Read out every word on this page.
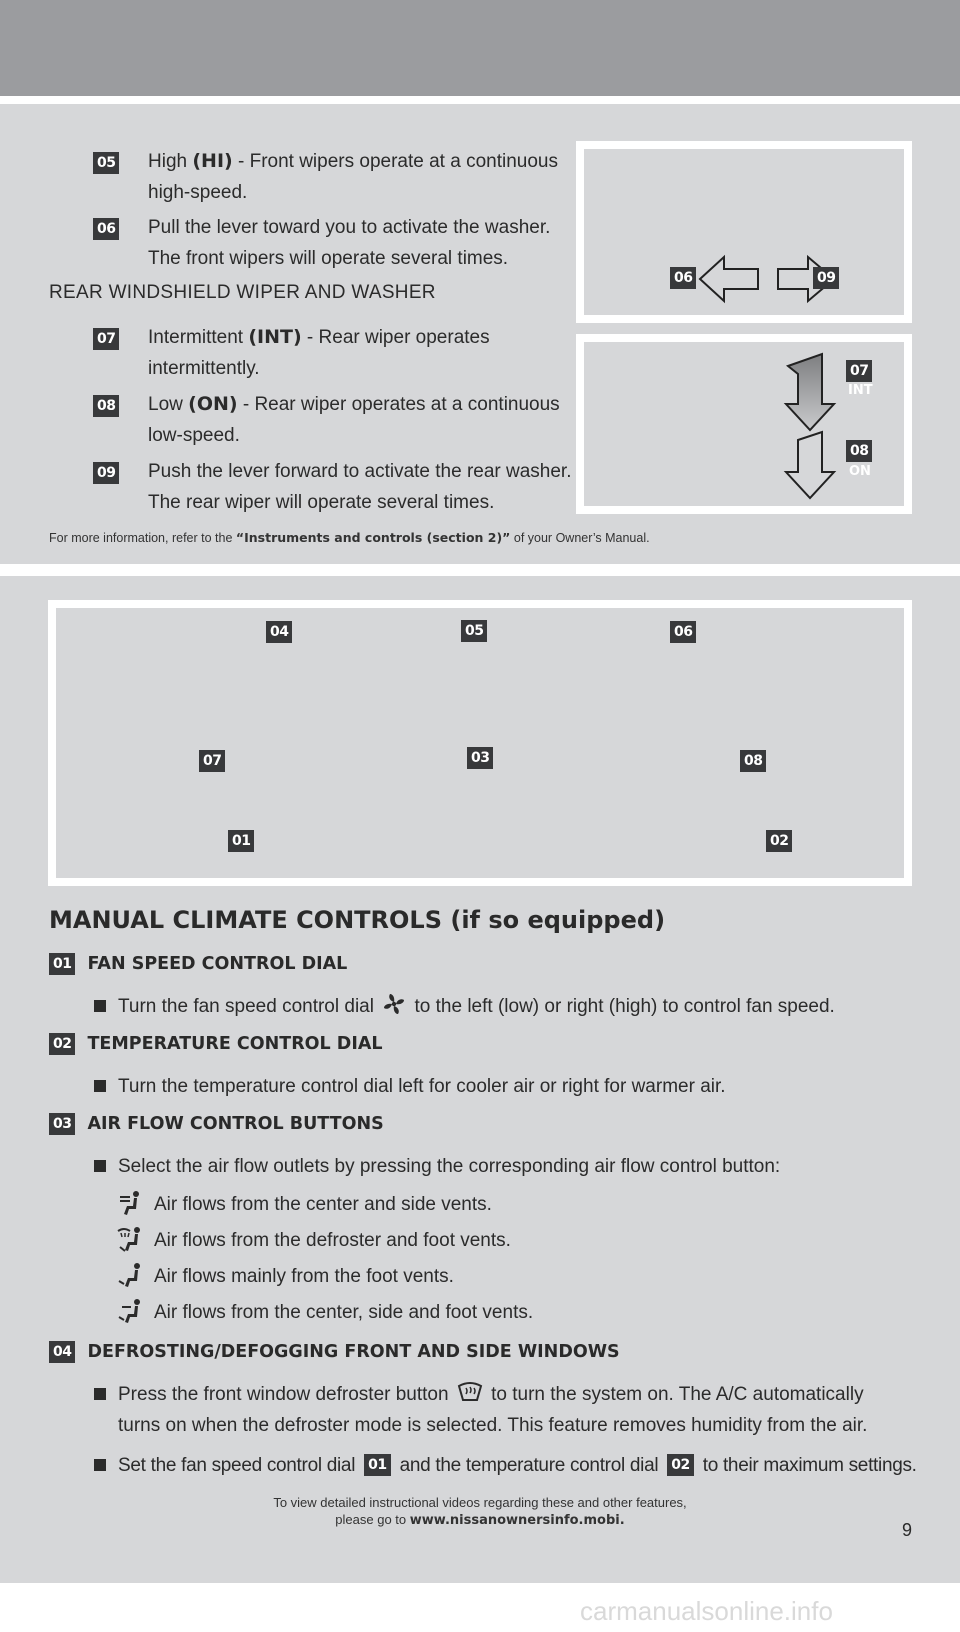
05 High (HI) - Front wipers operate at a continuous
high-speed.
06 Pull the lever toward you to activate the washer.
The front wipers will operate several times.
REAR WINDSHIELD WIPER AND WASHER
07 Intermittent (INT) - Rear wiper operates
intermittently.
08 Low (ON) - Rear wiper operates at a continuous
low-speed.
09 Push the lever forward to activate the rear washer.
The rear wiper will operate several times.
For more information, refer to the “Instruments and controls (section 2)” of your Owner’s Manual.
06	09
07
INT
08
ON
04	05	06
07	03	08
01	02
MANUAL CLIMATE CONTROLS (if so equipped)
01 FAN SPEED CONTROL DIAL
Turn the fan speed control dial to the left (low) or right (high) to control fan speed.
02 TEMPERATURE CONTROL DIAL
Turn the temperature control dial left for cooler air or right for warmer air.
03 AIR FLOW CONTROL BUTTONS
Select the air flow outlets by pressing the corresponding air flow control button:
Air flows from the center and side vents.
Air flows from the defroster and foot vents.
Air flows mainly from the foot vents.
Air flows from the center, side and foot vents.
04 DEFROSTING/DEFOGGING FRONT AND SIDE WINDOWS
Press the front window defroster button to turn the system on. The A/C automatically
turns on when the defroster mode is selected. This feature removes humidity from the air.
Set the fan speed control dial 01 and the temperature control dial 02 to their maximum settings.
To view detailed instructional videos regarding these and other features,
please go to www.nissanownersinfo.mobi.	9
carmanualsonline.info
